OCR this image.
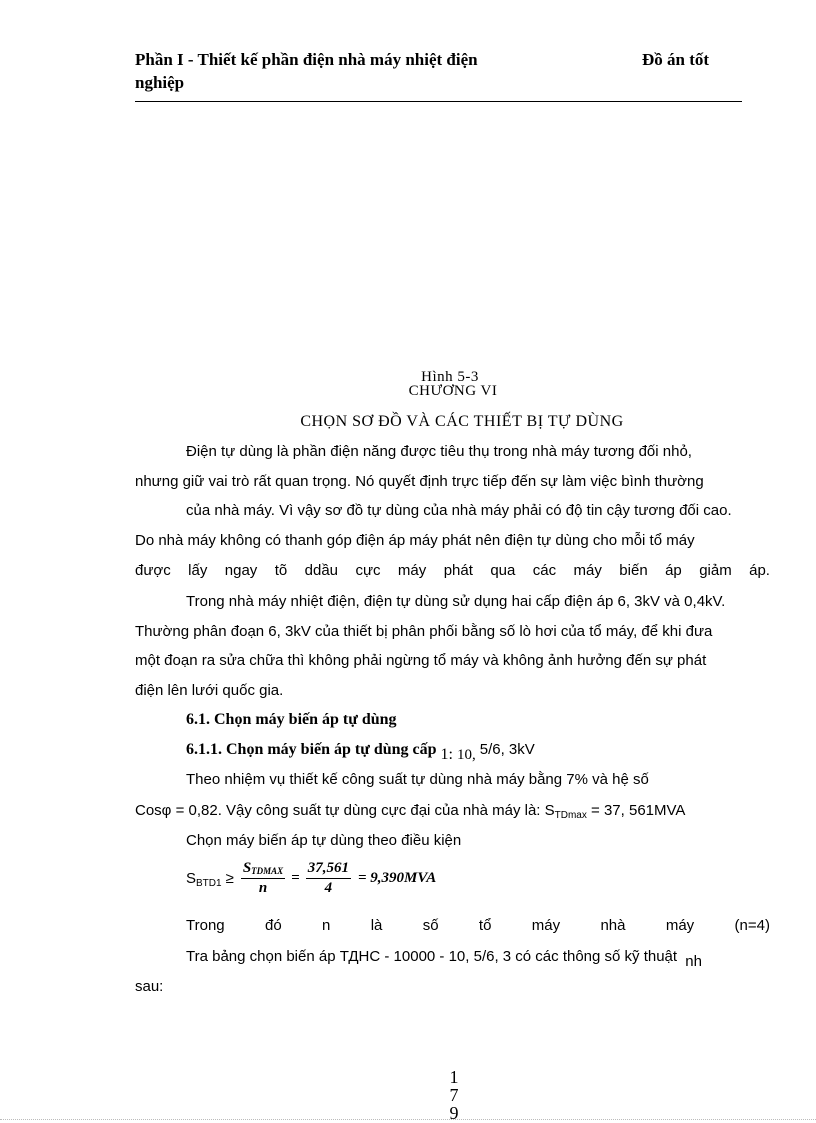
Phần I - Thiết kế phần điện nhà máy nhiệt điện
nghiệp
Đồ án tốt
Hình 5-3
CHƯƠNG VI
CHỌN SƠ ĐỒ VÀ CÁC THIẾT BỊ TỰ DÙNG
Điện tự dùng là phần điện năng được tiêu thụ trong nhà máy tương đối nhỏ,
nhưng giữ vai trò rất quan trọng. Nó quyết định trực tiếp đến sự làm việc bình thường
của nhà máy. Vì vậy sơ đồ tự dùng của nhà máy phải có độ tin cậy tương đối cao.
Do nhà máy không có thanh góp điện áp máy phát nên điện tự dùng cho mỗi tổ máy
được lấy ngay tõ ddầu cực máy phát qua các máy biến áp giảm áp.
Trong nhà máy nhiệt điện, điện tự dùng sử dụng hai cấp điện áp 6, 3kV và 0,4kV.
Thường phân đoạn 6, 3kV của thiết bị phân phối bằng số lò hơi của tổ máy, để khi đưa
một đoạn ra sửa chữa thì không phải ngừng tổ máy và không ảnh hưởng đến sự phát
điện lên lưới quốc gia.
6.1. Chọn máy biến áp tự dùng
6.1.1. Chọn máy biến áp tự dùng cấp 1: 10, 5/6, 3kV
Theo nhiệm vụ thiết kế công suất tự dùng nhà máy bằng 7% và hệ số
Cosφ = 0,82. Vậy công suất tự dùng cực đại của nhà máy là: $S_{TDmax} = 37$, 561MVA
Chọn máy biến áp tự dùng theo điều kiện
$S_{BTD1} \ge \frac{\text{STDMAX}}{n} = \frac{37,561}{4} = 9,390MVA$
Trong	đó	n	là	số	tổ	máy	nhà	máy	(n=4)
Tra bảng chọn biến áp ТДНС - 10000 - 10, 5/6, 3 có các thông số kỹ thuật nh
sau:
1
7
9
